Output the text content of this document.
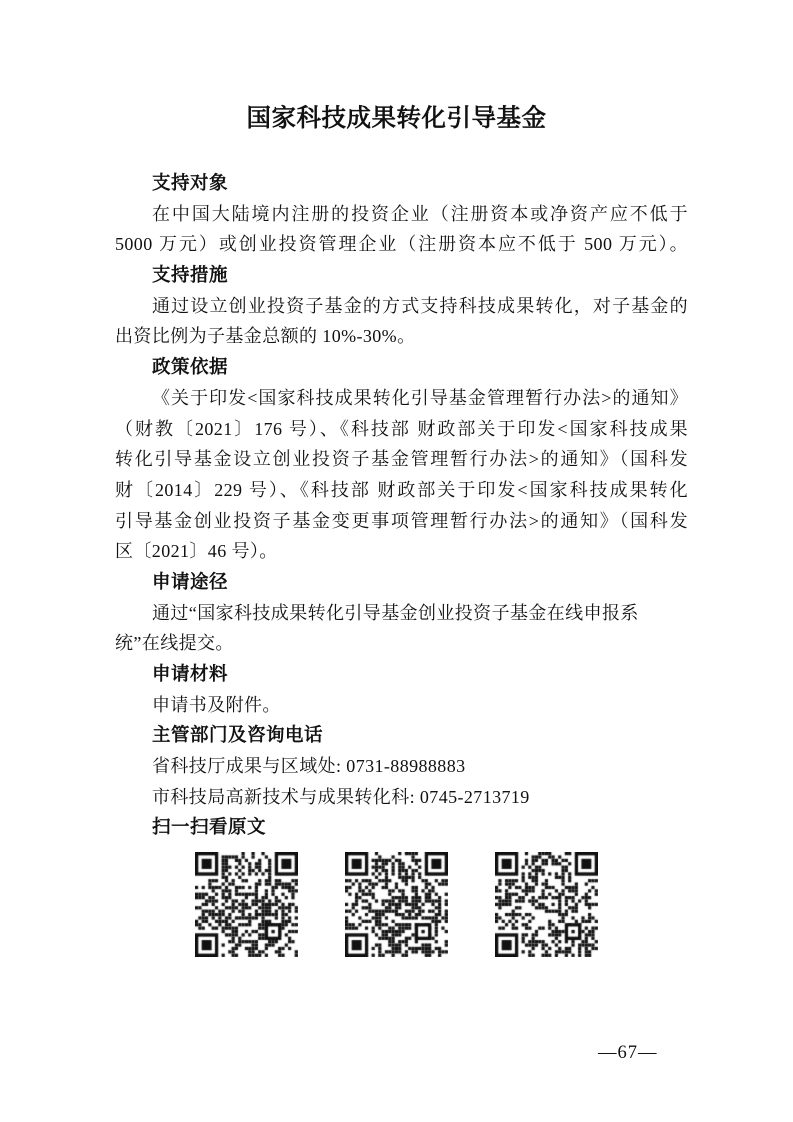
国家科技成果转化引导基金
支持对象
在中国大陆境内注册的投资企业（注册资本或净资产应不低于
5000 万元）或创业投资管理企业（注册资本应不低于 500 万元）。
支持措施
通过设立创业投资子基金的方式支持科技成果转化，对子基金的
出资比例为子基金总额的 10%-30%。
政策依据
《关于印发<国家科技成果转化引导基金管理暂行办法>的通知》
（财教〔2021〕176 号）、《科技部 财政部关于印发<国家科技成果
转化引导基金设立创业投资子基金管理暂行办法>的通知》（国科发
财〔2014〕229 号）、《科技部 财政部关于印发<国家科技成果转化
引导基金创业投资子基金变更事项管理暂行办法>的通知》（国科发
区〔2021〕46 号）。
申请途径
通过“国家科技成果转化引导基金创业投资子基金在线申报系
统”在线提交。
申请材料
申请书及附件。
主管部门及咨询电话
省科技厅成果与区域处: 0731-88988883
市科技局高新技术与成果转化科: 0745-2713719
扫一扫看原文
—67—
